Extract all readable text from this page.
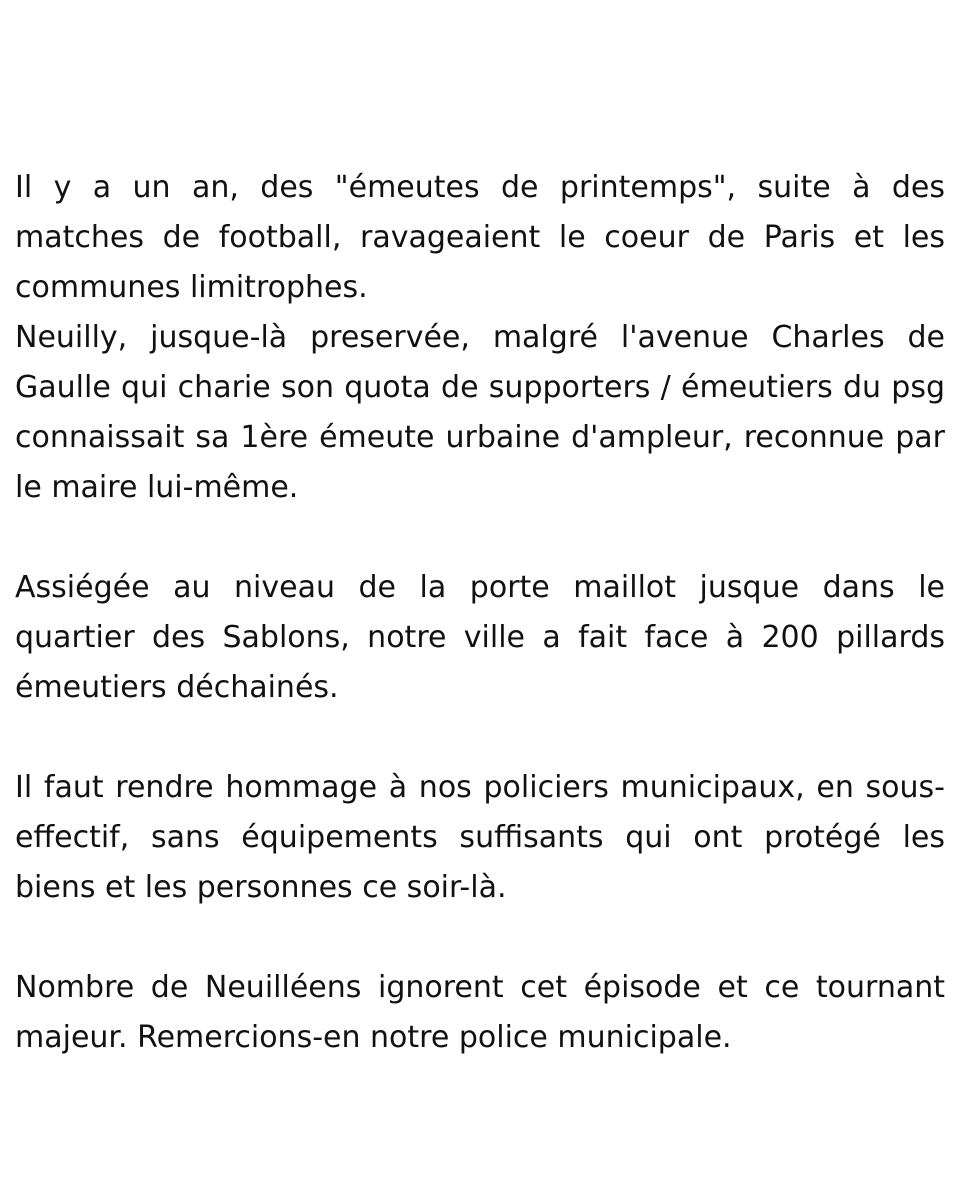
Il y a un an, des "émeutes de printemps", suite à des matches de football, ravageaient le coeur de Paris et les communes limitrophes.

Neuilly, jusque-là preservée, malgré l'avenue Charles de Gaulle qui charie son quota de supporters / émeutiers du psg connaissait sa 1ère émeute urbaine d'ampleur, reconnue par le maire lui-même.

Assiégée au niveau de la porte maillot jusque dans le quartier des Sablons, notre ville a fait face à 200 pillards émeutiers déchainés.

Il faut rendre hommage à nos policiers municipaux, en sous-effectif, sans équipements suffisants qui ont protégé les biens et les personnes ce soir-là.

Nombre de Neuilléens ignorent cet épisode et ce tournant majeur. Remercions-en notre police municipale.
